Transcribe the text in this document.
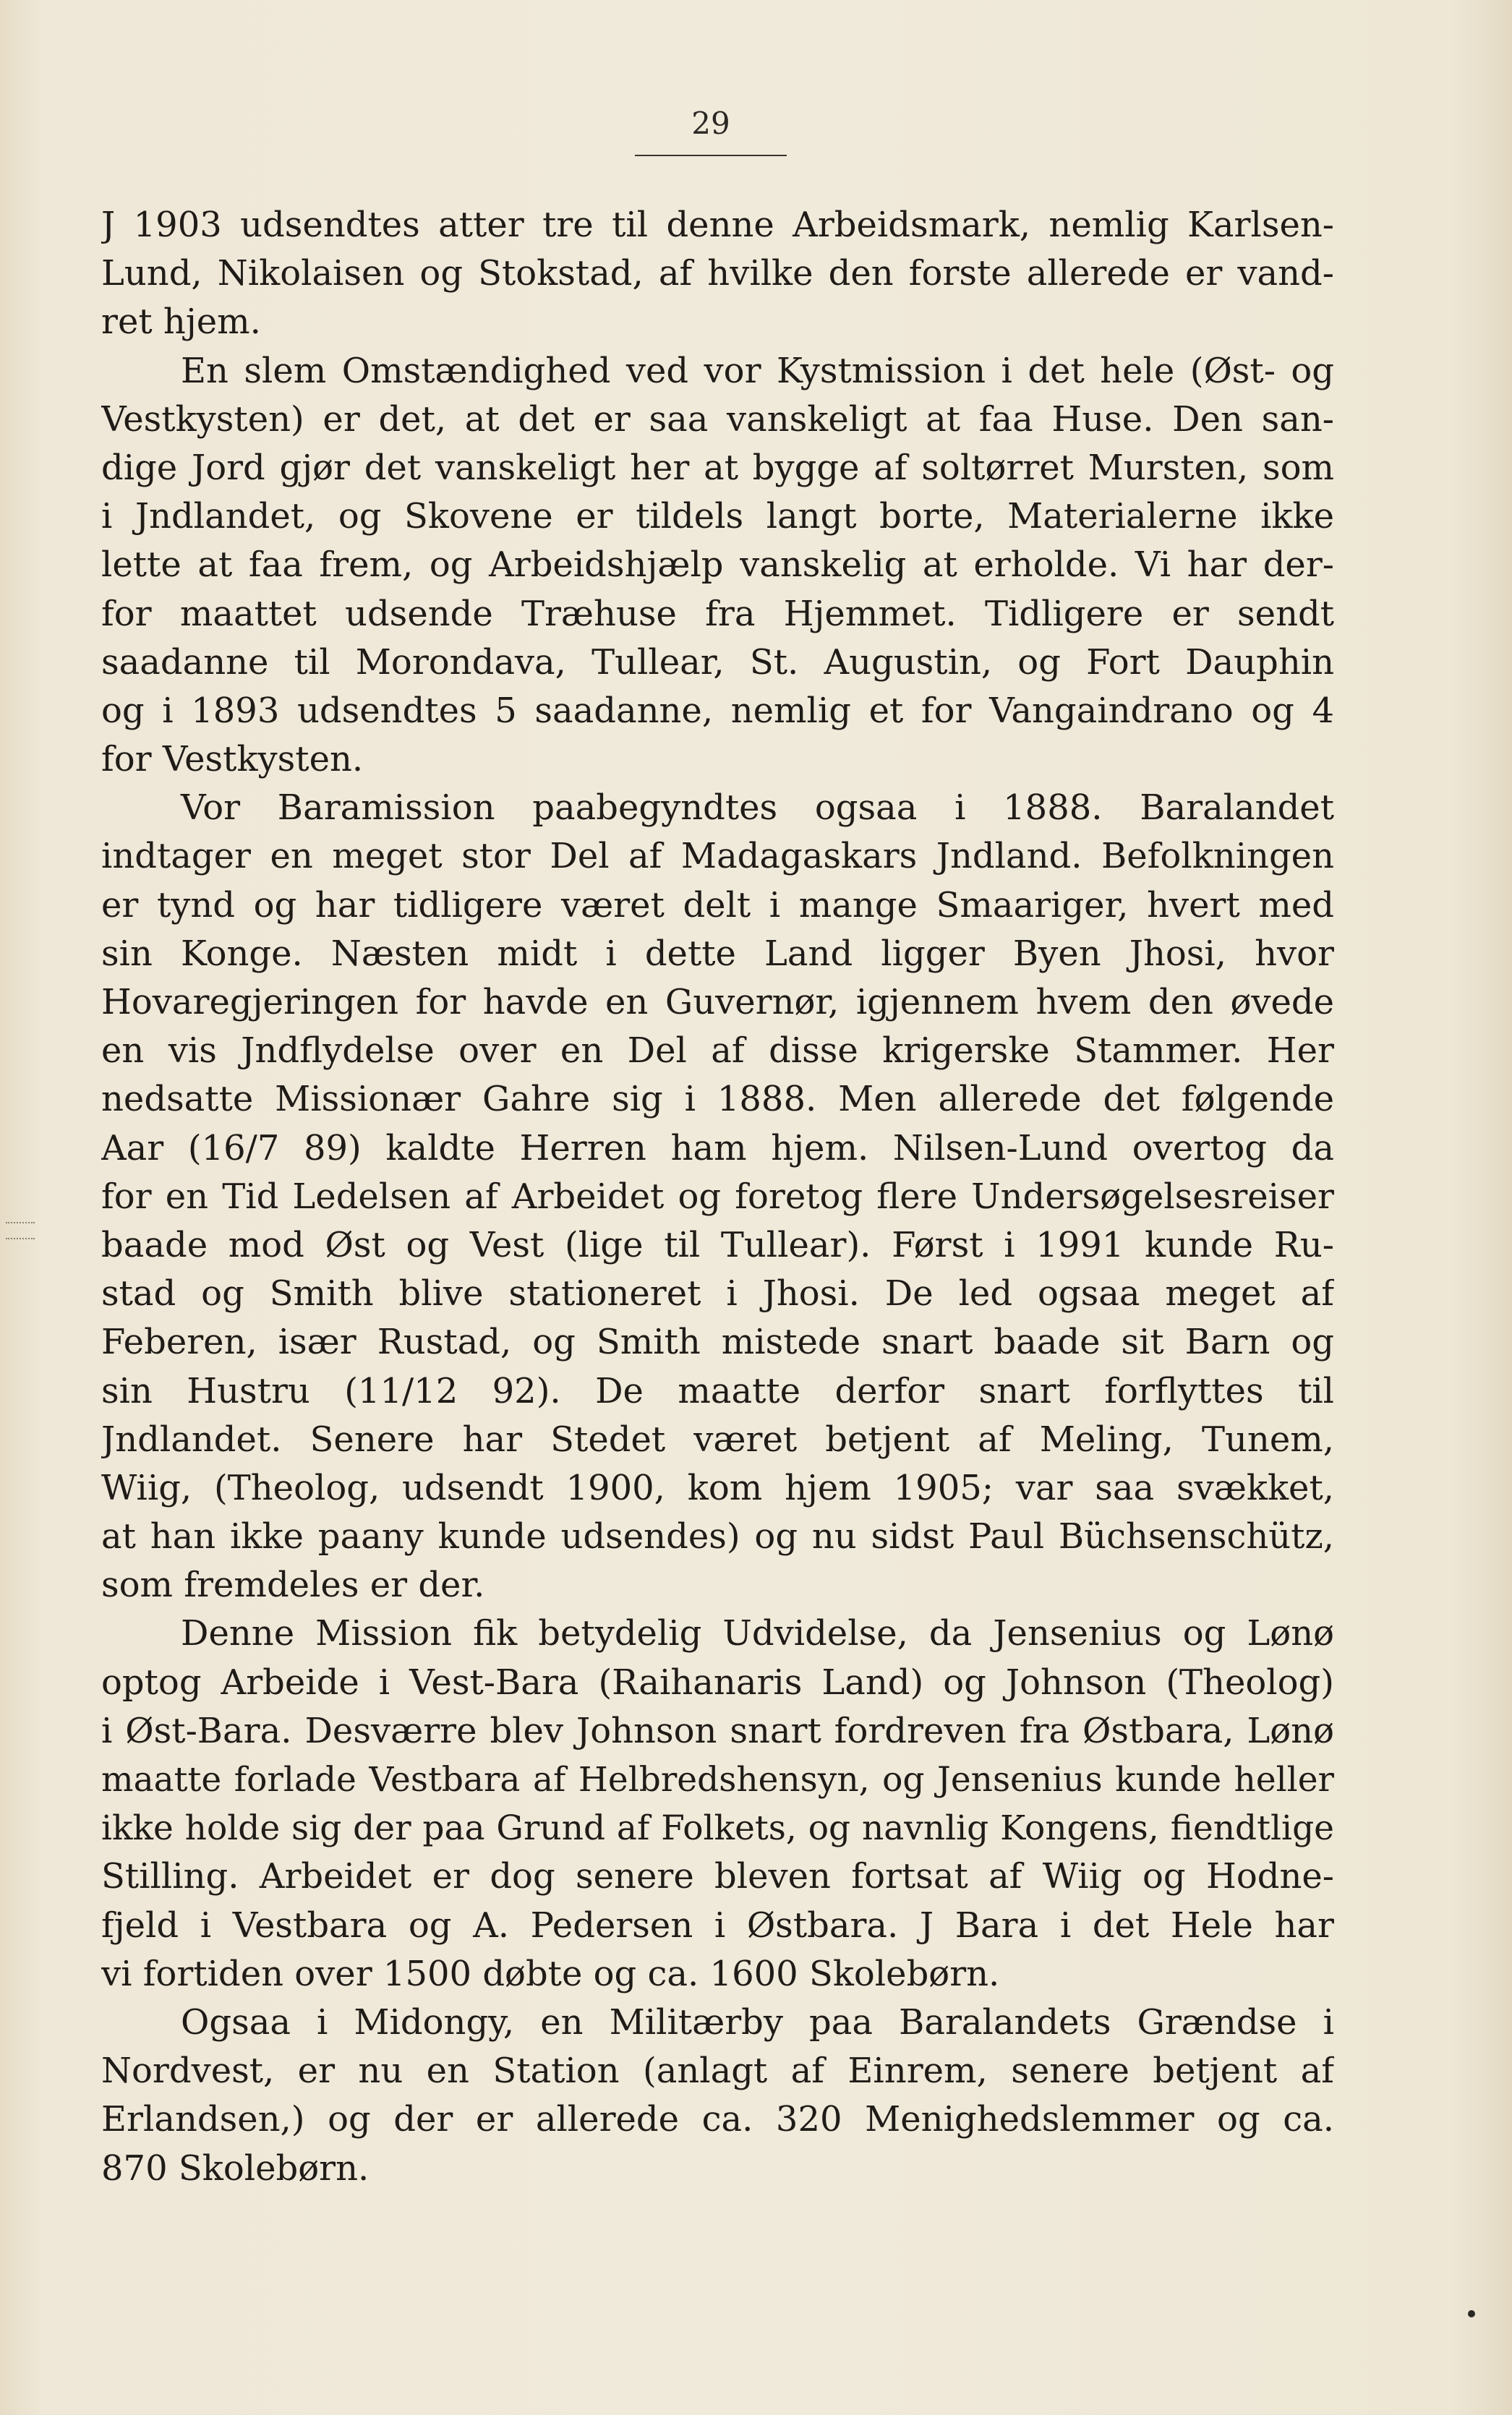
29
J 1903 udsendtes atter tre til denne Arbeidsmark, nemlig Karlsen-
Lund, Nikolaisen og Stokstad, af hvilke den forste allerede er vand-
ret hjem.
En slem Omstændighed ved vor Kystmission i det hele (Øst- og
Vestkysten) er det, at det er saa vanskeligt at faa Huse. Den san-
dige Jord gjør det vanskeligt her at bygge af soltørret Mursten, som
i Jndlandet, og Skovene er tildels langt borte, Materialerne ikke
lette at faa frem, og Arbeidshjælp vanskelig at erholde. Vi har der-
for maattet udsende Træhuse fra Hjemmet. Tidligere er sendt
saadanne til Morondava, Tullear, St. Augustin, og Fort Dauphin
og i 1893 udsendtes 5 saadanne, nemlig et for Vangaindrano og 4
for Vestkysten.
Vor Baramission paabegyndtes ogsaa i 1888. Baralandet
indtager en meget stor Del af Madagaskars Jndland. Befolkningen
er tynd og har tidligere været delt i mange Smaariger, hvert med
sin Konge. Næsten midt i dette Land ligger Byen Jhosi, hvor
Hovaregjeringen for havde en Guvernør, igjennem hvem den øvede
en vis Jndflydelse over en Del af disse krigerske Stammer. Her
nedsatte Missionær Gahre sig i 1888. Men allerede det følgende
Aar (16/7 89) kaldte Herren ham hjem. Nilsen-Lund overtog da
for en Tid Ledelsen af Arbeidet og foretog flere Undersøgelsesreiser
baade mod Øst og Vest (lige til Tullear). Først i 1991 kunde Ru-
stad og Smith blive stationeret i Jhosi. De led ogsaa meget af
Feberen, især Rustad, og Smith mistede snart baade sit Barn og
sin Hustru (11/12 92). De maatte derfor snart forflyttes til
Jndlandet. Senere har Stedet været betjent af Meling, Tunem,
Wiig, (Theolog, udsendt 1900, kom hjem 1905; var saa svækket,
at han ikke paany kunde udsendes) og nu sidst Paul Büchsenschütz,
som fremdeles er der.
Denne Mission fik betydelig Udvidelse, da Jensenius og Lønø
optog Arbeide i Vest-Bara (Raihanaris Land) og Johnson (Theolog)
i Øst-Bara. Desværre blev Johnson snart fordreven fra Østbara, Lønø
maatte forlade Vestbara af Helbredshensyn, og Jensenius kunde heller
ikke holde sig der paa Grund af Folkets, og navnlig Kongens, fiendtlige
Stilling. Arbeidet er dog senere bleven fortsat af Wiig og Hodne-
fjeld i Vestbara og A. Pedersen i Østbara. J Bara i det Hele har
vi fortiden over 1500 døbte og ca. 1600 Skolebørn.
Ogsaa i Midongy, en Militærby paa Baralandets Grændse i
Nordvest, er nu en Station (anlagt af Einrem, senere betjent af
Erlandsen,) og der er allerede ca. 320 Menighedslemmer og ca.
870 Skolebørn.
